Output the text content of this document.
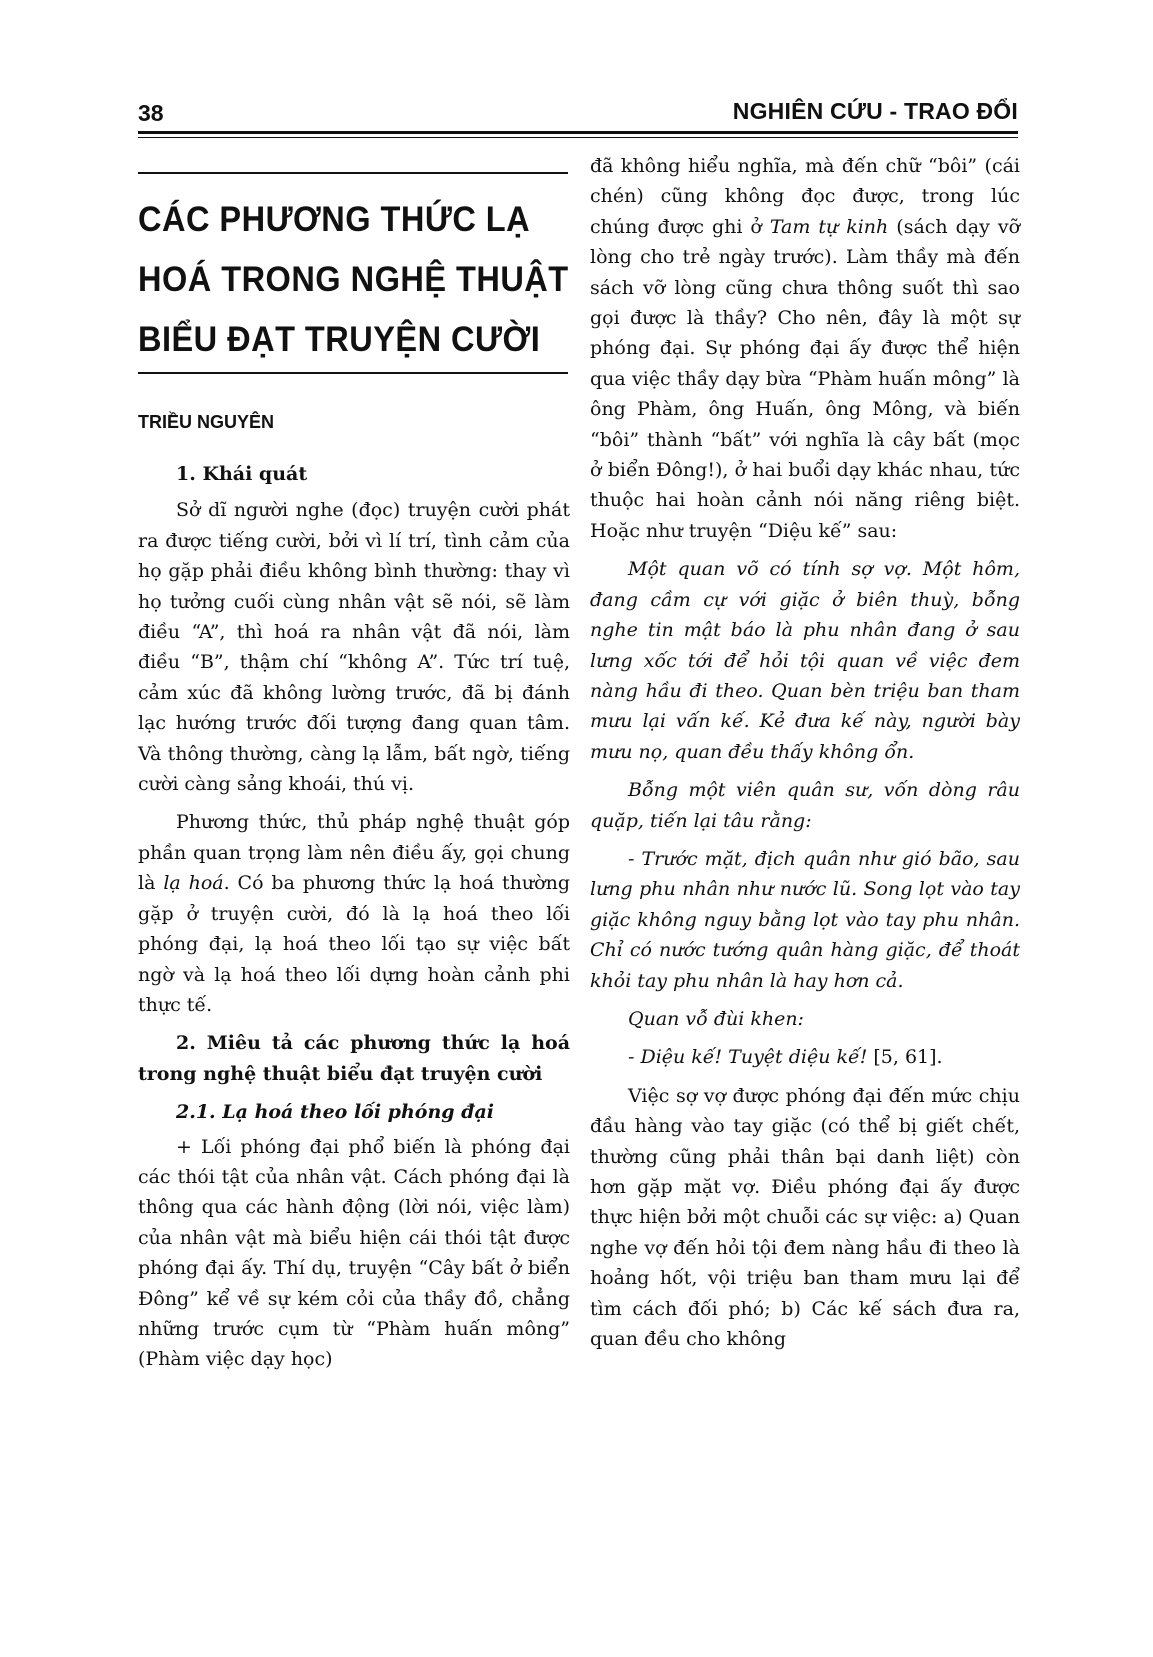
38	NGHIÊN CỨU - TRAO ĐỔI
CÁC PHƯƠNG THỨC LẠ
HOÁ TRONG NGHỆ THUẬT
BIỂU ĐẠT TRUYỆN CƯỜI
TRIỀU NGUYÊN

1. Khái quát

Sở dĩ người nghe (đọc) truyện cười phát ra được tiếng cười, bởi vì lí trí, tình cảm của họ gặp phải điều không bình thường: thay vì họ tưởng cuối cùng nhân vật sẽ nói, sẽ làm điều “A”, thì hoá ra nhân vật đã nói, làm điều “B”, thậm chí “không A”. Tức trí tuệ, cảm xúc đã không lường trước, đã bị đánh lạc hướng trước đối tượng đang quan tâm. Và thông thường, càng lạ lẫm, bất ngờ, tiếng cười càng sảng khoái, thú vị.

Phương thức, thủ pháp nghệ thuật góp phần quan trọng làm nên điều ấy, gọi chung là lạ hoá. Có ba phương thức lạ hoá thường gặp ở truyện cười, đó là lạ hoá theo lối phóng đại, lạ hoá theo lối tạo sự việc bất ngờ và lạ hoá theo lối dựng hoàn cảnh phi thực tế.

2. Miêu tả các phương thức lạ hoá trong nghệ thuật biểu đạt truyện cười

2.1. Lạ hoá theo lối phóng đại

+ Lối phóng đại phổ biến là phóng đại các thói tật của nhân vật. Cách phóng đại là thông qua các hành động (lời nói, việc làm) của nhân vật mà biểu hiện cái thói tật được phóng đại ấy. Thí dụ, truyện “Cây bất ở biển Đông” kể về sự kém cỏi của thầy đồ, chẳng những trước cụm từ “Phàm huấn mông” (Phàm việc dạy học)

đã không hiểu nghĩa, mà đến chữ “bôi” (cái chén) cũng không đọc được, trong lúc chúng được ghi ở Tam tự kinh (sách dạy vỡ lòng cho trẻ ngày trước). Làm thầy mà đến sách vỡ lòng cũng chưa thông suốt thì sao gọi được là thầy? Cho nên, đây là một sự phóng đại. Sự phóng đại ấy được thể hiện qua việc thầy dạy bừa “Phàm huấn mông” là ông Phàm, ông Huấn, ông Mông, và biến “bôi” thành “bất” với nghĩa là cây bất (mọc ở biển Đông!), ở hai buổi dạy khác nhau, tức thuộc hai hoàn cảnh nói năng riêng biệt. Hoặc như truyện “Diệu kế” sau:

Một quan võ có tính sợ vợ. Một hôm, đang cầm cự với giặc ở biên thuỳ, bỗng nghe tin mật báo là phu nhân đang ở sau lưng xốc tới để hỏi tội quan về việc đem nàng hầu đi theo. Quan bèn triệu ban tham mưu lại vấn kế. Kẻ đưa kế này, người bày mưu nọ, quan đều thấy không ổn.

Bỗng một viên quân sư, vốn dòng râu quặp, tiến lại tâu rằng:

- Trước mặt, địch quân như gió bão, sau lưng phu nhân như nước lũ. Song lọt vào tay giặc không nguy bằng lọt vào tay phu nhân. Chỉ có nước tướng quân hàng giặc, để thoát khỏi tay phu nhân là hay hơn cả.

Quan vỗ đùi khen:

- Diệu kế! Tuyệt diệu kế! [5, 61].

Việc sợ vợ được phóng đại đến mức chịu đầu hàng vào tay giặc (có thể bị giết chết, thường cũng phải thân bại danh liệt) còn hơn gặp mặt vợ. Điều phóng đại ấy được thực hiện bởi một chuỗi các sự việc: a) Quan nghe vợ đến hỏi tội đem nàng hầu đi theo là hoảng hốt, vội triệu ban tham mưu lại để tìm cách đối phó; b) Các kế sách đưa ra, quan đều cho không
